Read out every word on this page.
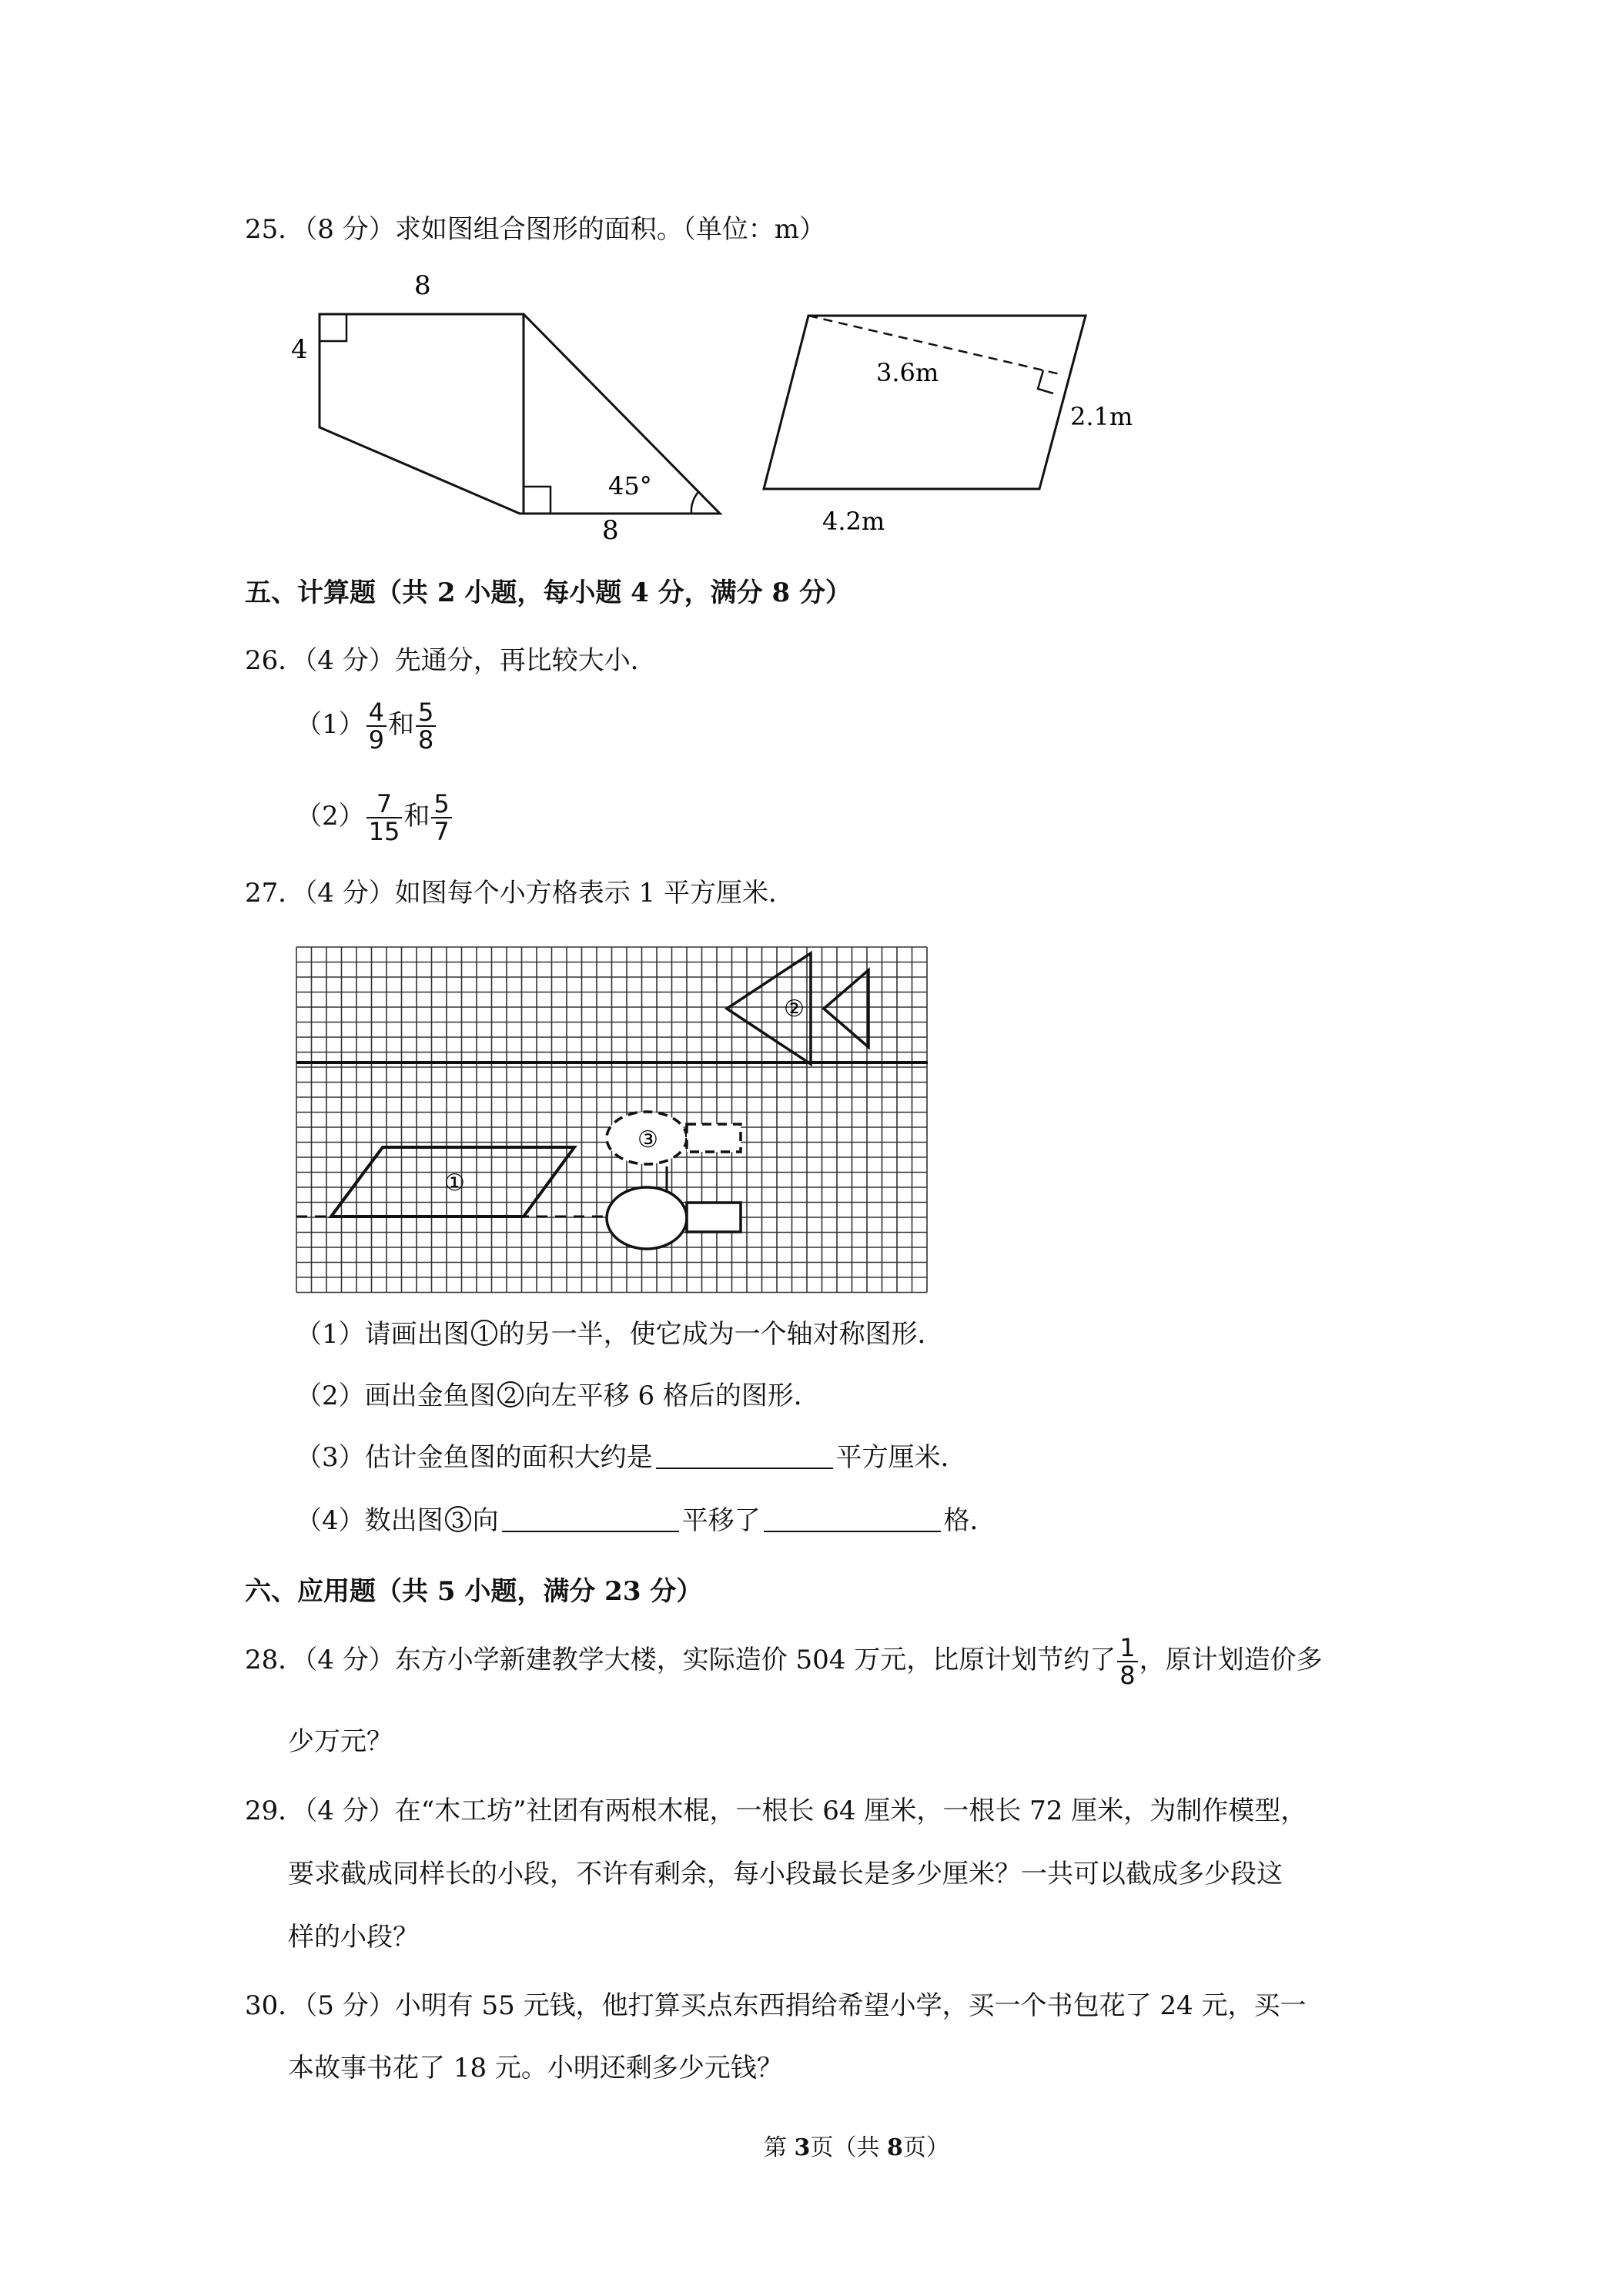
25．（8 分）求如图组合图形的面积。（单位：m）
8
4
8
45°
3.6m
2.1m
4.2m
五、计算题（共 2 小题，每小题 4 分，满分 8 分）
26．（4 分）先通分，再比较大小．
$(1) \frac{4}{9}$ 和 $\frac{5}{8}$
$(2) \frac{7}{15}$ 和 $\frac{5}{7}$
27．（4 分）如图每个小方格表示 1 平方厘米．
②
③
①
（1）请画出图 1 的另一半，使它成为一个轴对称图形．
（2）画出金鱼图 2 向左平移 6 格后的图形．
（3）估计金鱼图的面积大约是	平方厘米．
（4）数出图 3 向	平移了	格．
六、应用题（共 5 小题，满分 23 分）
28．（4 分）东方小学新建教学大楼，实际造价 504 万元，比原计划节约了 $\frac{1}{8}$ ，原计划造价多
少万元？
29．（4 分）在“木工坊”社团有两根木棍，一根长 64 厘米，一根长 72 厘米，为制作模型，
要求截成同样长的小段，不许有剩余，每小段最长是多少厘米？一共可以截成多少段这
样的小段？
30．（5 分）小明有 55 元钱，他打算买点东西捐给希望小学，买一个书包花了 24 元，买一
本故事书花了 18 元。小明还剩多少元钱？
第 3页（共 8页）
